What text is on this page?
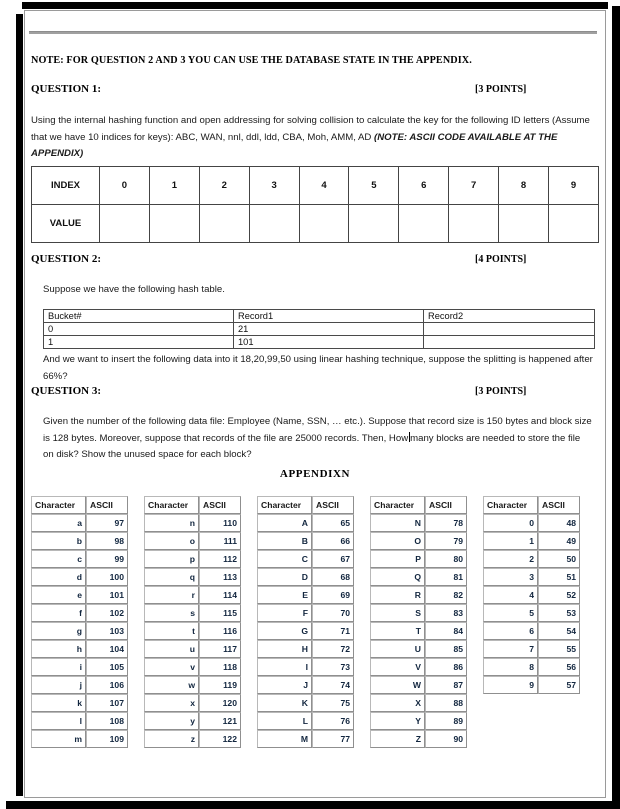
NOTE: FOR QUESTION 2 AND 3 YOU CAN USE THE DATABASE STATE IN THE APPENDIX.
QUESTION 1:	[3 POINTS]
Using the internal hashing function and open addressing for solving collision to calculate the key for the following ID letters (Assume that we have 10 indices for keys): ABC, WAN, nnl, ddl, ldd, CBA, Moh, AMM, AD (NOTE: ASCII CODE AVAILABLE AT THE APPENDIX)
INDEX	0	1	2	3	4	5	6	7	8	9
VALUE										
QUESTION 2:	[4 POINTS]
Suppose we have the following hash table.
Bucket#	Record1	Record2
0	21	
1	101	
And we want to insert the following data into it 18,20,99,50 using linear hashing technique, suppose the splitting is happened after 66%?
QUESTION 3:	[3 POINTS]
Given the number of the following data file: Employee (Name, SSN, … etc.). Suppose that record size is 150 bytes and block size is 128 bytes. Moreover, suppose that records of the file are 25000 records. Then, How many blocks are needed to store the file on disk? Show the unused space for each block?
APPENDIXN
Character	ASCII
a	97
b	98
c	99
d	100
e	101
f	102
g	103
h	104
i	105
j	106
k	107
l	108
m	109
Character	ASCII
n	110
o	111
p	112
q	113
r	114
s	115
t	116
u	117
v	118
w	119
x	120
y	121
z	122
Character	ASCII
A	65
B	66
C	67
D	68
E	69
F	70
G	71
H	72
I	73
J	74
K	75
L	76
M	77
Character	ASCII
N	78
O	79
P	80
Q	81
R	82
S	83
T	84
U	85
V	86
W	87
X	88
Y	89
Z	90
Character	ASCII
0	48
1	49
2	50
3	51
4	52
5	53
6	54
7	55
8	56
9	57
